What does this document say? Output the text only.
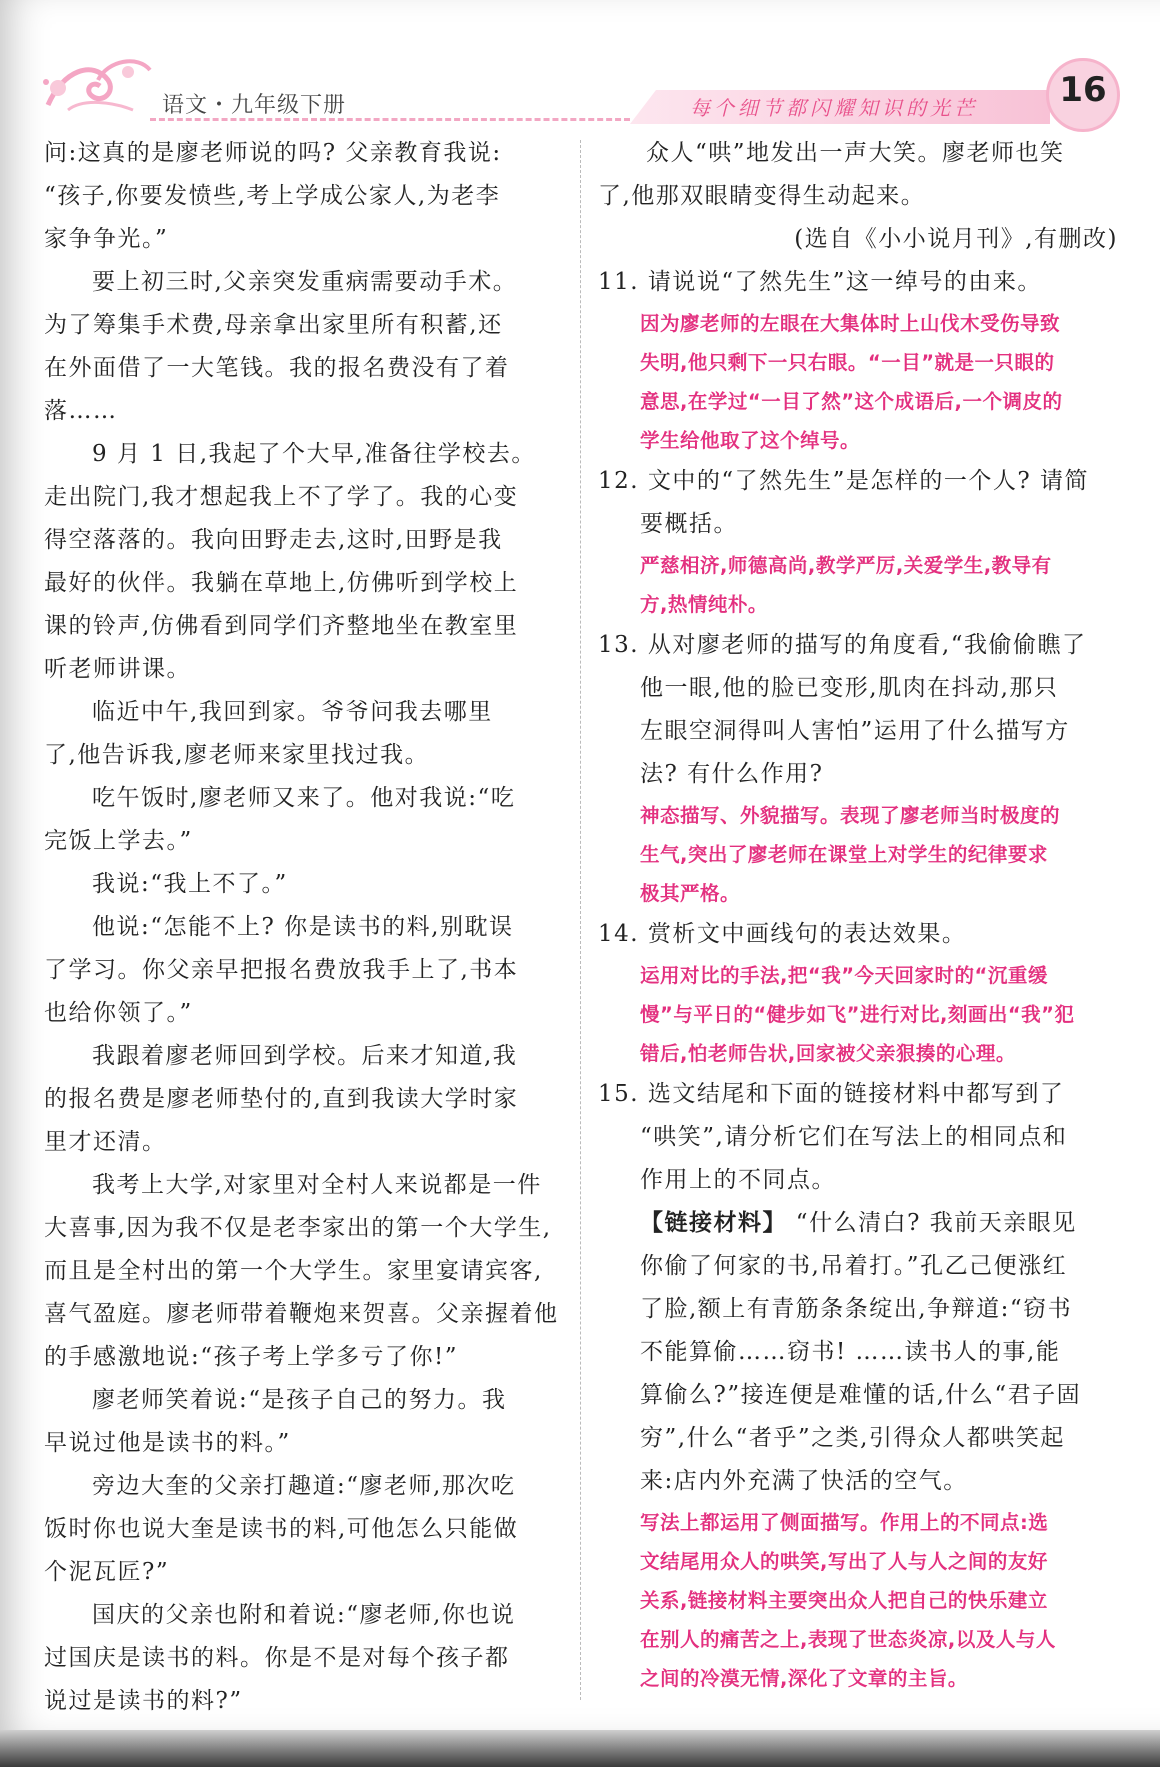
语文・九年级下册	每个细节都闪耀知识的光芒	16
问:这真的是廖老师说的吗? 父亲教育我说:
“孩子,你要发愤些,考上学成公家人,为老李
家争争光。”
要上初三时,父亲突发重病需要动手术。
为了筹集手术费,母亲拿出家里所有积蓄,还
在外面借了一大笔钱。我的报名费没有了着
落……
9 月 1 日,我起了个大早,准备往学校去。
走出院门,我才想起我上不了学了。我的心变
得空落落的。我向田野走去,这时,田野是我
最好的伙伴。我躺在草地上,仿佛听到学校上
课的铃声,仿佛看到同学们齐整地坐在教室里
听老师讲课。
临近中午,我回到家。爷爷问我去哪里
了,他告诉我,廖老师来家里找过我。
吃午饭时,廖老师又来了。他对我说:“吃
完饭上学去。”
我说:“我上不了。”
他说:“怎能不上? 你是读书的料,别耽误
了学习。你父亲早把报名费放我手上了,书本
也给你领了。”
我跟着廖老师回到学校。后来才知道,我
的报名费是廖老师垫付的,直到我读大学时家
里才还清。
我考上大学,对家里对全村人来说都是一件
大喜事,因为我不仅是老李家出的第一个大学生,
而且是全村出的第一个大学生。家里宴请宾客,
喜气盈庭。廖老师带着鞭炮来贺喜。父亲握着他
的手感激地说:“孩子考上学多亏了你!”
廖老师笑着说:“是孩子自己的努力。我
早说过他是读书的料。”
旁边大奎的父亲打趣道:“廖老师,那次吃
饭时你也说大奎是读书的料,可他怎么只能做
个泥瓦匠?”
国庆的父亲也附和着说:“廖老师,你也说
过国庆是读书的料。你是不是对每个孩子都
说过是读书的料?”
众人“哄”地发出一声大笑。廖老师也笑
了,他那双眼睛变得生动起来。
(选自《小小说月刊》,有删改)
11. 请说说“了然先生”这一绰号的由来。
因为廖老师的左眼在大集体时上山伐木受伤导致
失明,他只剩下一只右眼。“一目”就是一只眼的
意思,在学过“一目了然”这个成语后,一个调皮的
学生给他取了这个绰号。
12. 文中的“了然先生”是怎样的一个人? 请简
要概括。
严慈相济,师德高尚,教学严厉,关爱学生,教导有
方,热情纯朴。
13. 从对廖老师的描写的角度看,“我偷偷瞧了
他一眼,他的脸已变形,肌肉在抖动,那只
左眼空洞得叫人害怕”运用了什么描写方
法? 有什么作用?
神态描写、外貌描写。表现了廖老师当时极度的
生气,突出了廖老师在课堂上对学生的纪律要求
极其严格。
14. 赏析文中画线句的表达效果。
运用对比的手法,把“我”今天回家时的“沉重缓
慢”与平日的“健步如飞”进行对比,刻画出“我”犯
错后,怕老师告状,回家被父亲狠揍的心理。
15. 选文结尾和下面的链接材料中都写到了
“哄笑”,请分析它们在写法上的相同点和
作用上的不同点。
【链接材料】 “什么清白? 我前天亲眼见
你偷了何家的书,吊着打。”孔乙己便涨红
了脸,额上有青筋条条绽出,争辩道:“窃书
不能算偷……窃书! ……读书人的事,能
算偷么?”接连便是难懂的话,什么“君子固
穷”,什么“者乎”之类,引得众人都哄笑起
来:店内外充满了快活的空气。
写法上都运用了侧面描写。作用上的不同点:选
文结尾用众人的哄笑,写出了人与人之间的友好
关系,链接材料主要突出众人把自己的快乐建立
在别人的痛苦之上,表现了世态炎凉,以及人与人
之间的冷漠无情,深化了文章的主旨。
